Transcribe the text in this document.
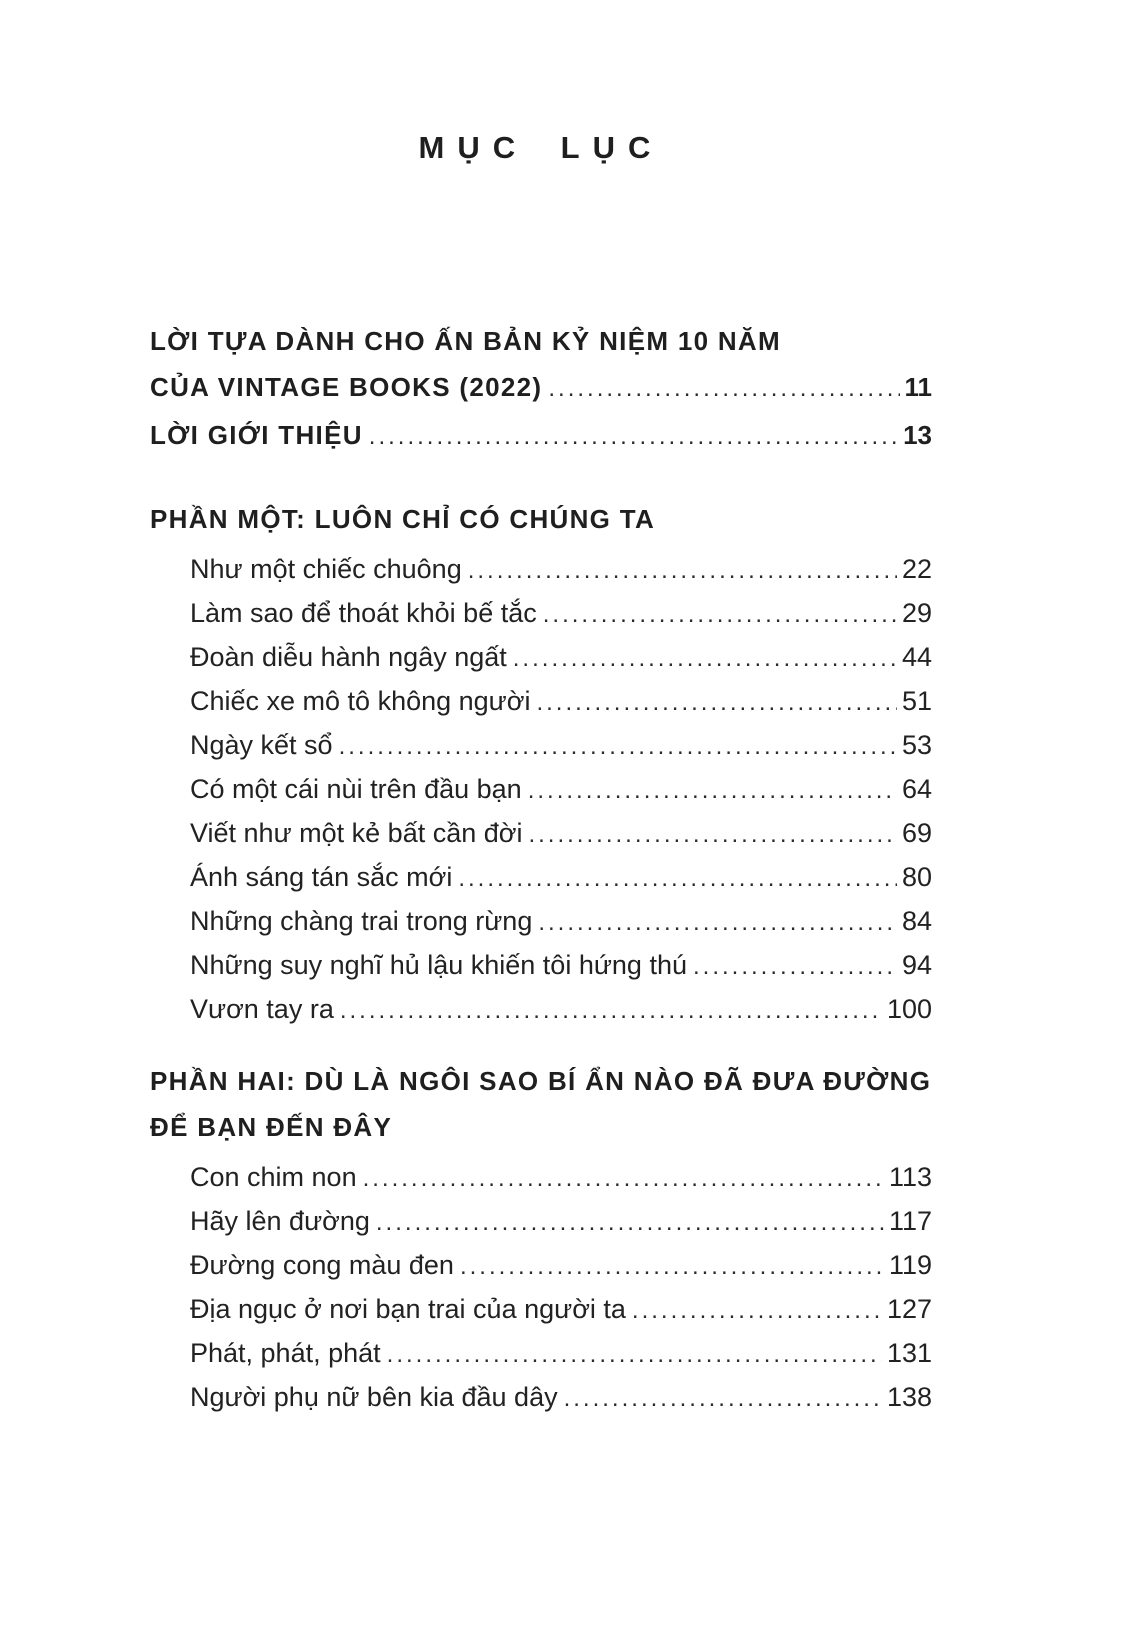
MỤC LỤC
LỜI TỰA DÀNH CHO ẤN BẢN KỶ NIỆM 10 NĂM
CỦA VINTAGE BOOKS (2022) .....	11
LỜI GIỚI THIỆU .....	13
PHẦN MỘT: LUÔN CHỈ CÓ CHÚNG TA
Như một chiếc chuông .....	22
Làm sao để thoát khỏi bế tắc .....	29
Đoàn diễu hành ngây ngất .....	44
Chiếc xe mô tô không người .....	51
Ngày kết sổ .....	53
Có một cái nùi trên đầu bạn .....	64
Viết như một kẻ bất cần đời .....	69
Ánh sáng tán sắc mới .....	80
Những chàng trai trong rừng .....	84
Những suy nghĩ hủ lậu khiến tôi hứng thú .....	94
Vươn tay ra .....	100
PHẦN HAI: DÙ LÀ NGÔI SAO BÍ ẨN NÀO ĐÃ ĐƯA ĐƯỜNG
ĐỂ BẠN ĐẾN ĐÂY
Con chim non .....	113
Hãy lên đường .....	117
Đường cong màu đen .....	119
Địa ngục ở nơi bạn trai của người ta .....	127
Phát, phát, phát .....	131
Người phụ nữ bên kia đầu dây .....	138
